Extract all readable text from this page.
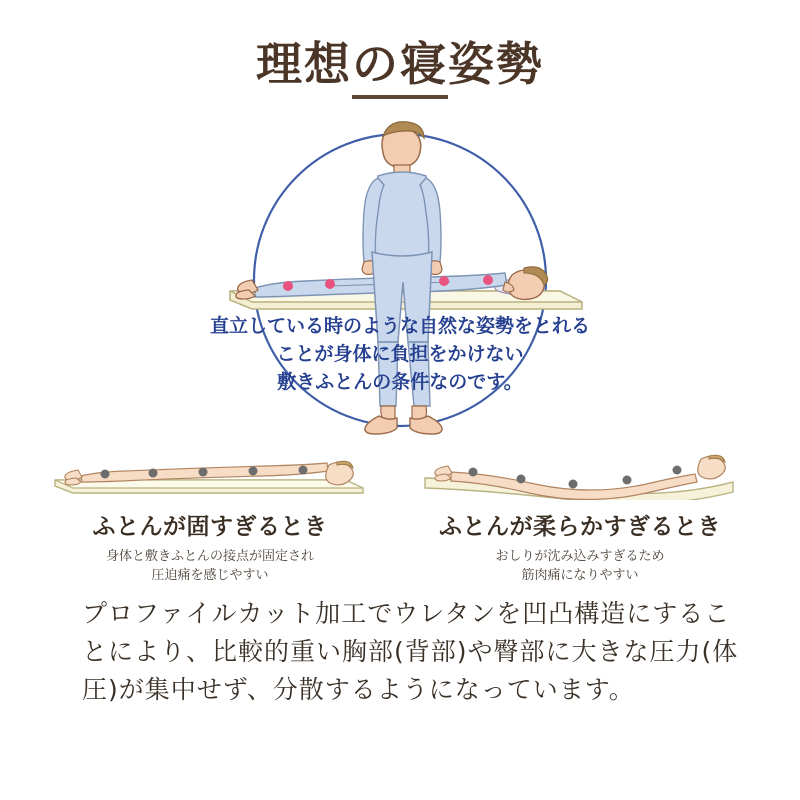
理想の寝姿勢
直立している時のような自然な姿勢をとれる
ことが身体に負担をかけない
敷きふとんの条件なのです。
ふとんが固すぎるとき
身体と敷きふとんの接点が固定され
圧迫痛を感じやすい
ふとんが柔らかすぎるとき
おしりが沈み込みすぎるため
筋肉痛になりやすい
プロファイルカット加工でウレタンを凹凸構造にすることにより、比較的重い胸部(背部)や臀部に大きな圧力(体圧)が集中せず、分散するようになっています。
